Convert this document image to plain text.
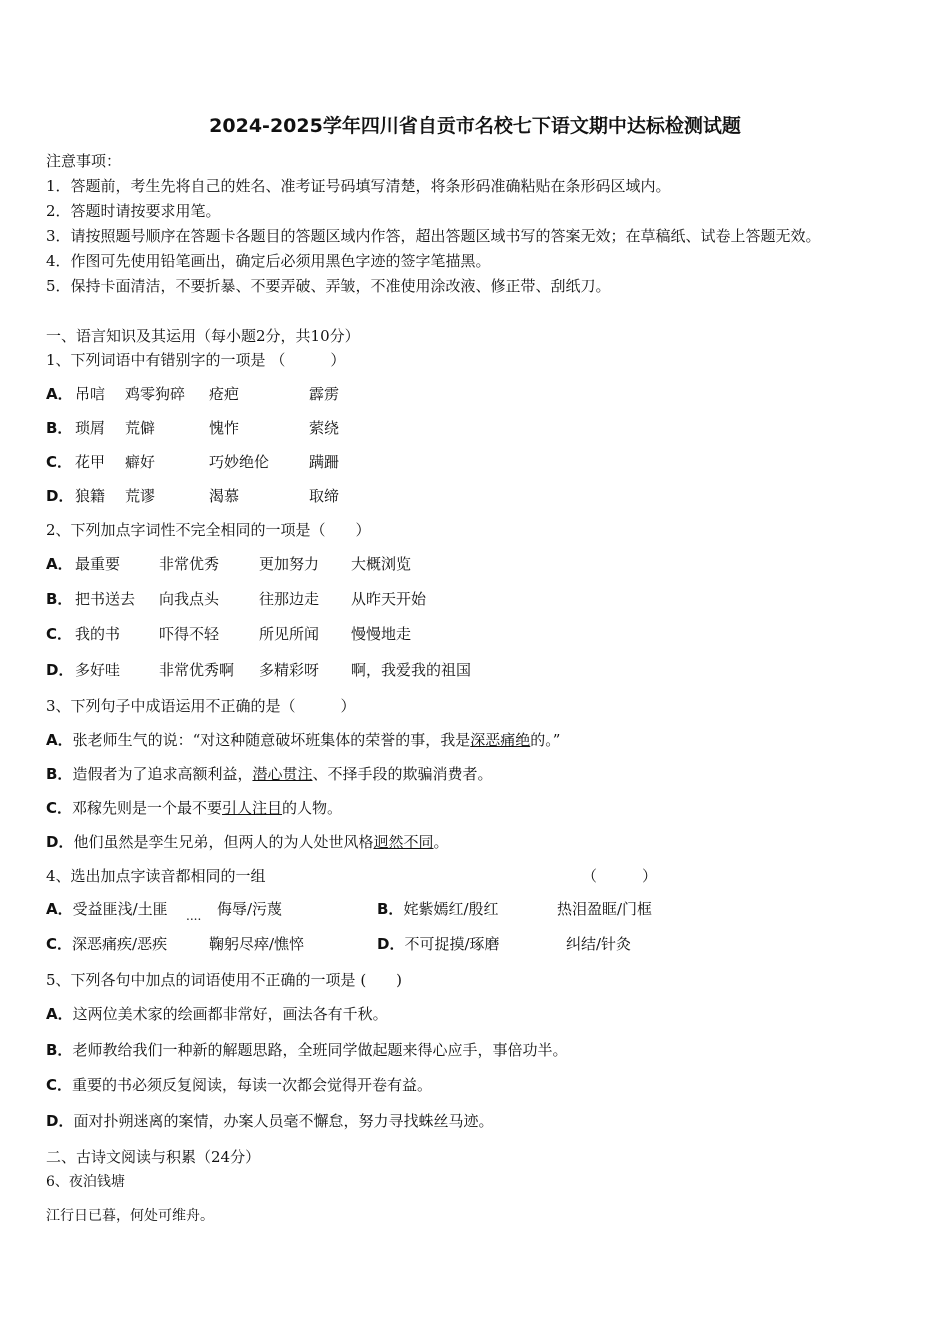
2024-2025学年四川省自贡市名校七下语文期中达标检测试题
注意事项：
1．答题前，考生先将自己的姓名、准考证号码填写清楚，将条形码准确粘贴在条形码区域内。
2．答题时请按要求用笔。
3．请按照题号顺序在答题卡各题目的答题区域内作答，超出答题区域书写的答案无效；在草稿纸、试卷上答题无效。
4．作图可先使用铅笔画出，确定后必须用黑色字迹的签字笔描黑。
5．保持卡面清洁，不要折暴、不要弄破、弄皱，不准使用涂改液、修正带、刮纸刀。
一、语言知识及其运用（每小题2分，共10分）
1、下列词语中有错别字的一项是 （　　　）
A． 吊唁 鸡零狗碎 疮疤	霹雳
B． 琐屑 荒僻	愧怍	萦绕
C． 花甲 癖好	巧妙绝伦	蹒跚
D． 狼籍 荒谬	渴慕	取缔
2、下列加点字词性不完全相同的一项是（　　）
A． 最重要	非常优秀	更加努力 大概浏览
B． 把书送去 向我点头	往那边走 从昨天开始
C． 我的书	吓得不轻	所见所闻 慢慢地走
D． 多好哇	非常优秀啊 多精彩呀 啊，我爱我的祖国
3、下列句子中成语运用不正确的是（　　　）
A．张老师生气的说：“对这种随意破坏班集体的荣誉的事，我是深恶痛绝的。”
B．造假者为了追求高额利益，潜心贯注、不择手段的欺骗消费者。
C．邓稼先则是一个最不要引人注目的人物。
D．他们虽然是孪生兄弟，但两人的为人处世风格迥然不同。
4、选出加点字读音都相同的一组	（　　　）
A．受益匪浅/土匪 .... 侮辱/污蔑	B．姹紫嫣红/殷红	热泪盈眶/门框
C．深恶痛疾/恶疾	鞠躬尽瘁/憔悴	D．不可捉摸/琢磨	纠结/针灸
5、下列各句中加点的词语使用不正确的一项是 (　　)
A．这两位美术家的绘画都非常好，画法各有千秋。
B．老师教给我们一种新的解题思路，全班同学做起题来得心应手，事倍功半。
C．重要的书必须反复阅读，每读一次都会觉得开卷有益。
D．面对扑朔迷离的案情，办案人员毫不懈怠，努力寻找蛛丝马迹。
二、古诗文阅读与积累（24分）
6、夜泊钱塘
江行日已暮，何处可维舟。
